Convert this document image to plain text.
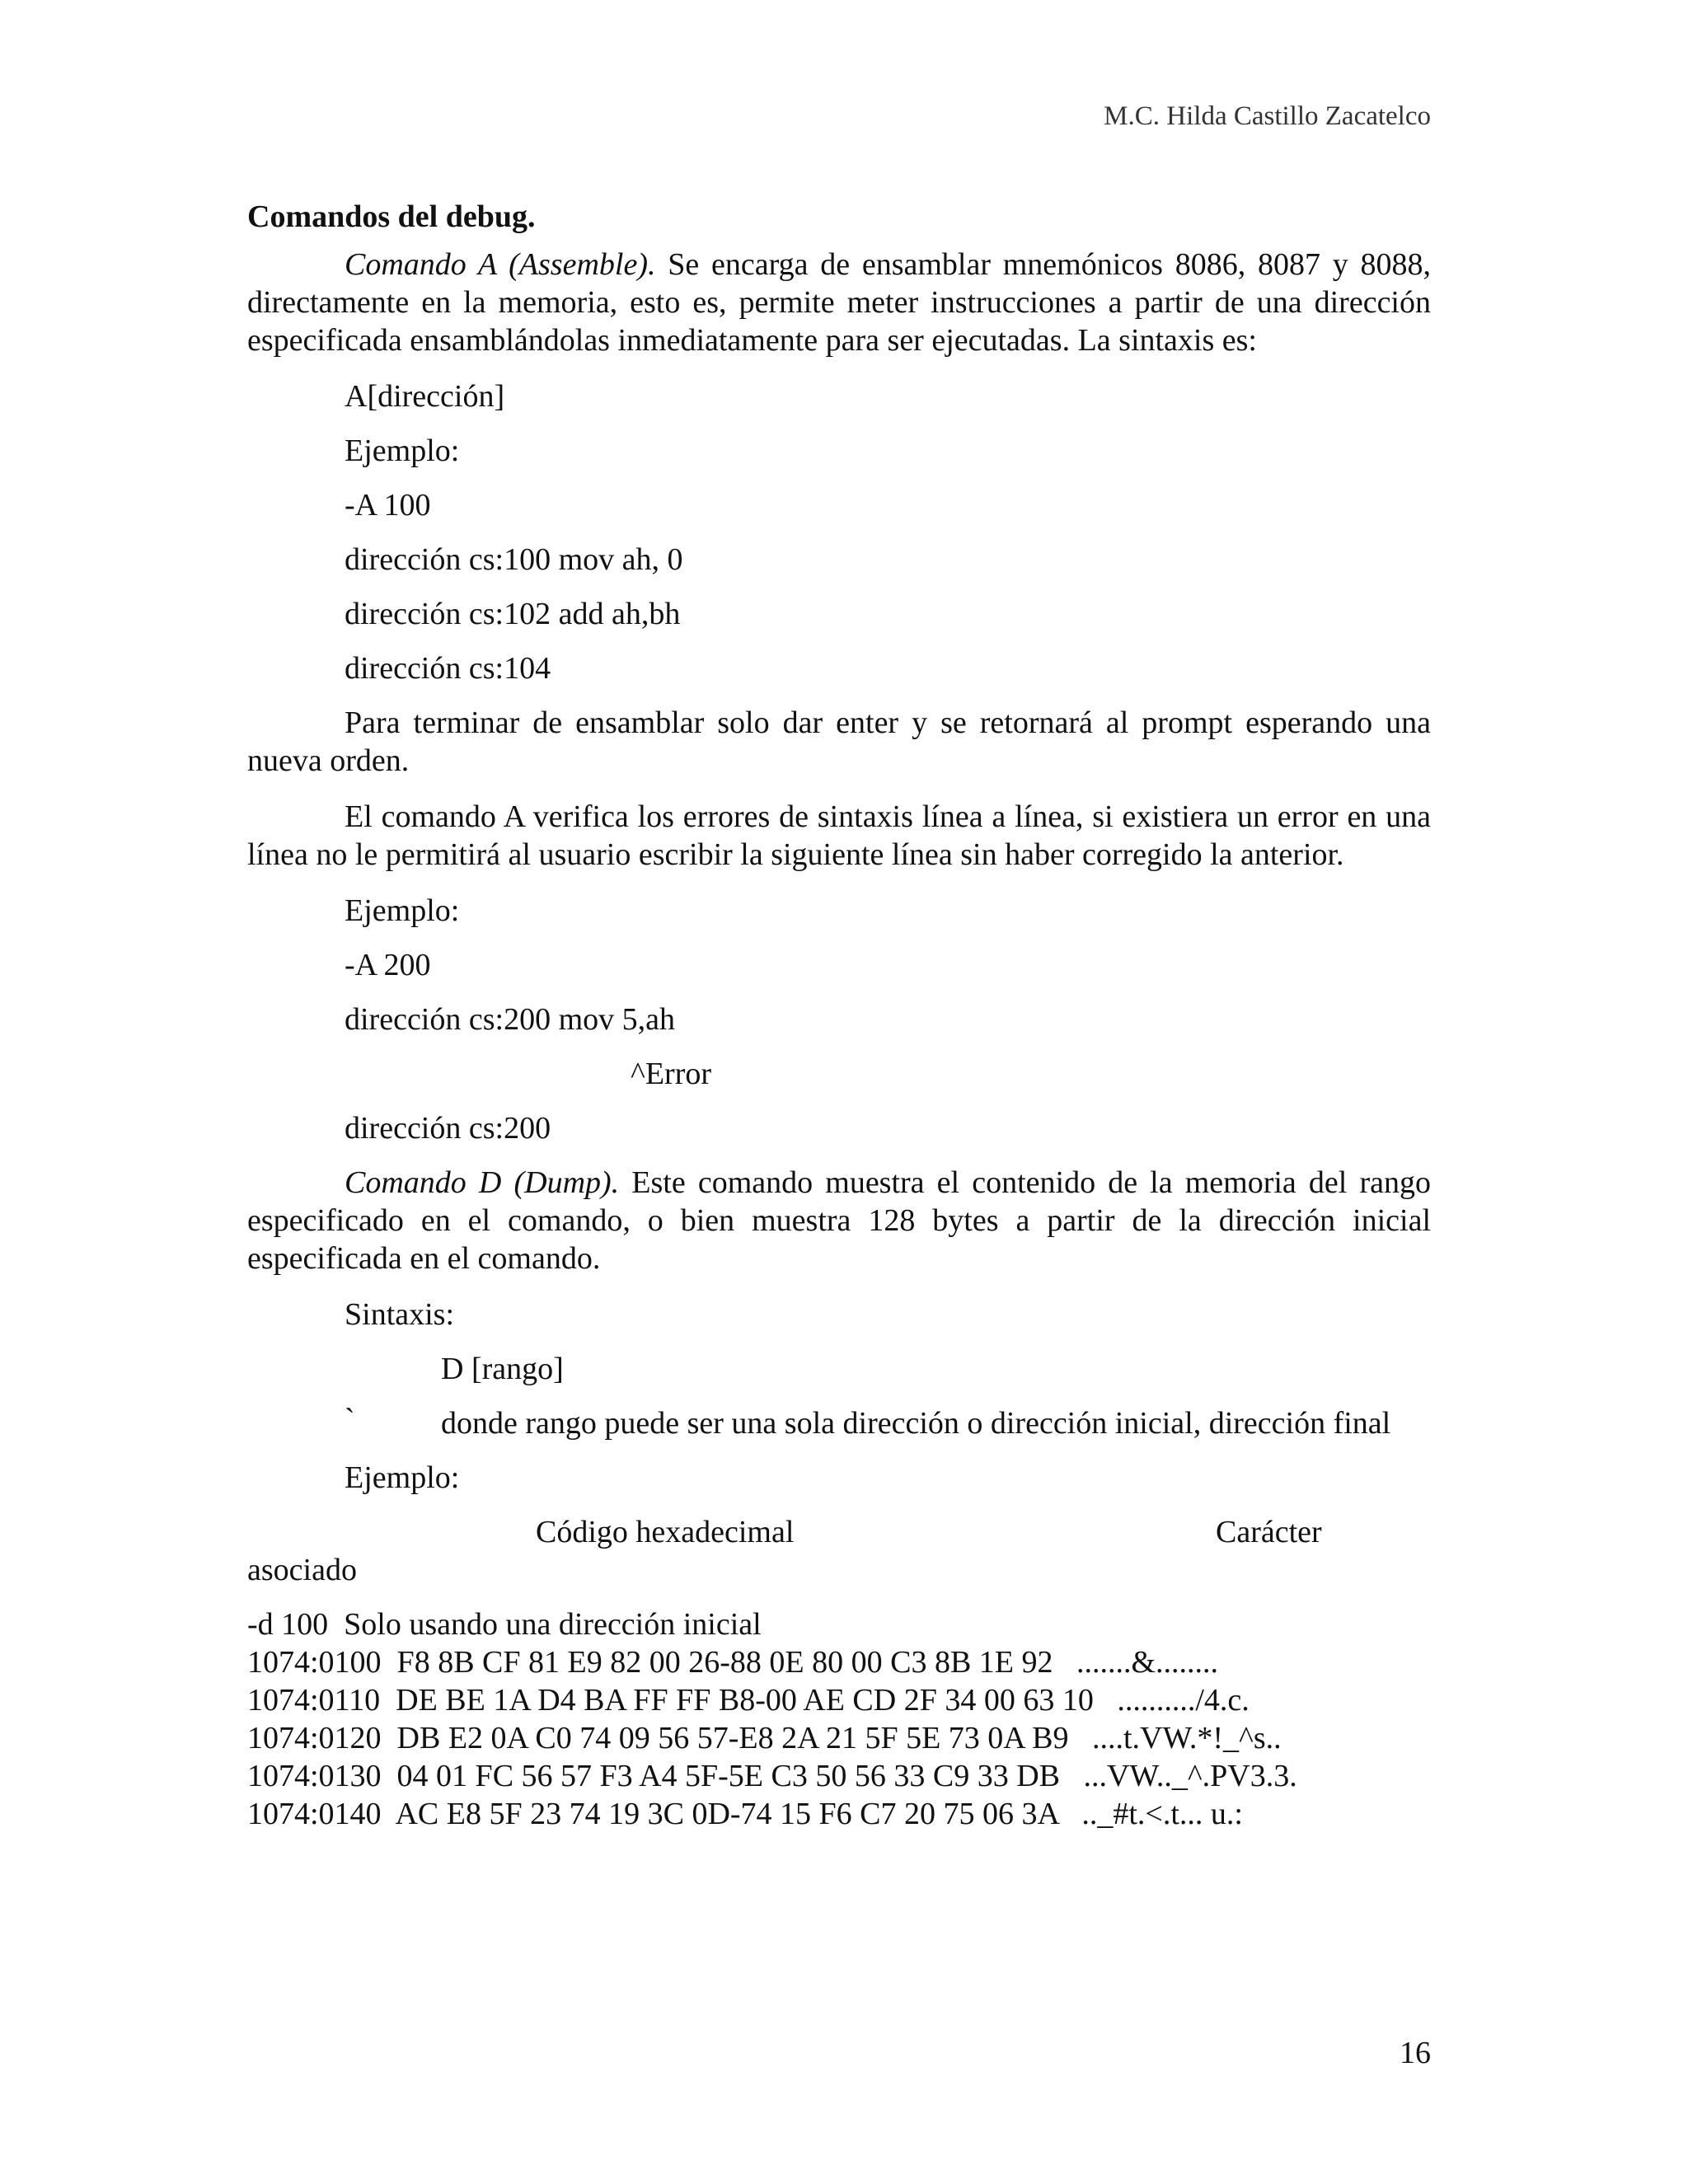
M.C. Hilda Castillo Zacatelco
Comandos del debug.

Comando A (Assemble). Se encarga de ensamblar mnemónicos 8086, 8087 y 8088, directamente en la memoria, esto es, permite meter instrucciones a partir de una dirección especificada ensamblándolas inmediatamente para ser ejecutadas. La sintaxis es:

A[dirección]
Ejemplo:
-A 100
dirección cs:100 mov ah, 0
dirección cs:102 add ah,bh
dirección cs:104

Para terminar de ensamblar solo dar enter y se retornará al prompt esperando una nueva orden.

El comando A verifica los errores de sintaxis línea a línea, si existiera un error en una línea no le permitirá al usuario escribir la siguiente línea sin haber corregido la anterior.

Ejemplo:
-A 200
dirección cs:200 mov 5,ah
^Error
dirección cs:200

Comando D (Dump). Este comando muestra el contenido de la memoria del rango especificado en el comando, o bien muestra 128 bytes a partir de la dirección inicial especificada en el comando.

Sintaxis:
D [rango]
`	donde rango puede ser una sola dirección o dirección inicial, dirección final
Ejemplo:
Código hexadecimal	Carácter
asociado
-d 100  Solo usando una dirección inicial
1074:0100  F8 8B CF 81 E9 82 00 26-88 0E 80 00 C3 8B 1E 92   .......&........
1074:0110  DE BE 1A D4 BA FF FF B8-00 AE CD 2F 34 00 63 10   ........../4.c.
1074:0120  DB E2 0A C0 74 09 56 57-E8 2A 21 5F 5E 73 0A B9   ....t.VW.*!_^s..
1074:0130  04 01 FC 56 57 F3 A4 5F-5E C3 50 56 33 C9 33 DB   ...VW.._^.PV3.3.
1074:0140  AC E8 5F 23 74 19 3C 0D-74 15 F6 C7 20 75 06 3A   .._#t.<.t... u.:
16
